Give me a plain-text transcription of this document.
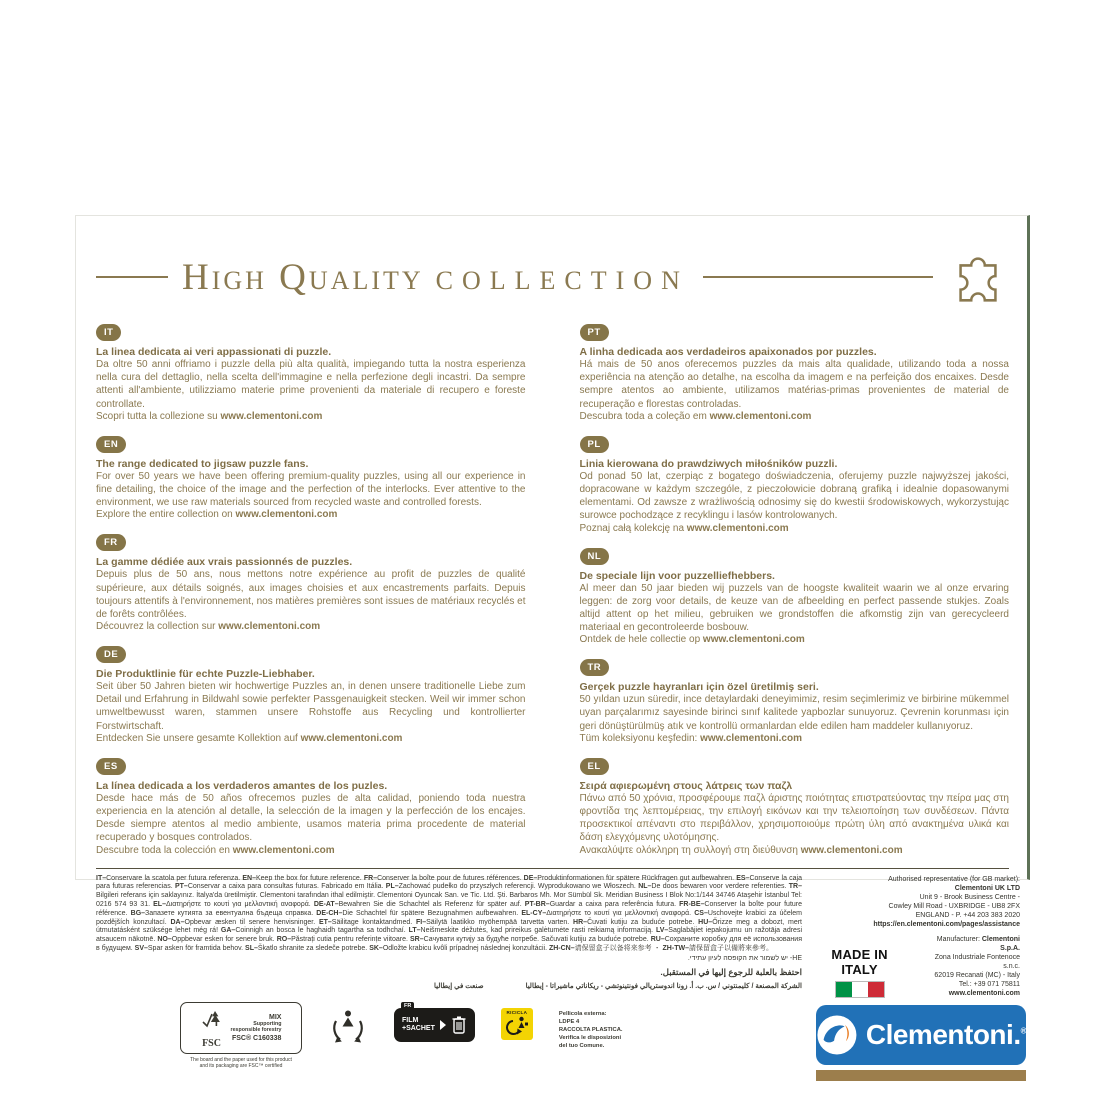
High Quality COLLECTION
IT
La linea dedicata ai veri appassionati di puzzle.
Da oltre 50 anni offriamo i puzzle della più alta qualità, impiegando tutta la nostra esperienza nella cura del dettaglio, nella scelta dell'immagine e nella perfezione degli incastri. Da sempre attenti all'ambiente, utilizziamo materie prime provenienti da materiale di recupero e foreste controllate.
Scopri tutta la collezione su www.clementoni.com
EN
The range dedicated to jigsaw puzzle fans.
For over 50 years we have been offering premium-quality puzzles, using all our experience in fine detailing, the choice of the image and the perfection of the interlocks. Ever attentive to the environment, we use raw materials sourced from recycled waste and controlled forests.
Explore the entire collection on www.clementoni.com
FR
La gamme dédiée aux vrais passionnés de puzzles.
Depuis plus de 50 ans, nous mettons notre expérience au profit de puzzles de qualité supérieure, aux détails soignés, aux images choisies et aux encastrements parfaits. Depuis toujours attentifs à l'environnement, nos matières premières sont issues de matériaux recyclés et de forêts contrôlées.
Découvrez la collection sur www.clementoni.com
DE
Die Produktlinie für echte Puzzle-Liebhaber.
Seit über 50 Jahren bieten wir hochwertige Puzzles an, in denen unsere traditionelle Liebe zum Detail und Erfahrung in Bildwahl sowie perfekter Passgenauigkeit stecken. Weil wir immer schon umweltbewusst waren, stammen unsere Rohstoffe aus Recycling und kontrollierter Forstwirtschaft.
Entdecken Sie unsere gesamte Kollektion auf www.clementoni.com
ES
La línea dedicada a los verdaderos amantes de los puzles.
Desde hace más de 50 años ofrecemos puzles de alta calidad, poniendo toda nuestra experiencia en la atención al detalle, la selección de la imagen y la perfección de los encajes. Desde siempre atentos al medio ambiente, usamos materia prima procedente de material recuperado y bosques controlados.
Descubre toda la colección en www.clementoni.com
PT
A linha dedicada aos verdadeiros apaixonados por puzzles.
Há mais de 50 anos oferecemos puzzles da mais alta qualidade, utilizando toda a nossa experiência na atenção ao detalhe, na escolha da imagem e na perfeição dos encaixes. Desde sempre atentos ao ambiente, utilizamos matérias-primas provenientes de material de recuperação e florestas controladas.
Descubra toda a coleção em www.clementoni.com
PL
Linia kierowana do prawdziwych miłośników puzzli.
Od ponad 50 lat, czerpiąc z bogatego doświadczenia, oferujemy puzzle najwyższej jakości, dopracowane w każdym szczególe, z pieczołowicie dobraną grafiką i idealnie dopasowanymi elementami. Od zawsze z wrażliwością odnosimy się do kwestii środowiskowych, wykorzystując surowce pochodzące z recyklingu i lasów kontrolowanych.
Poznaj całą kolekcję na www.clementoni.com
NL
De speciale lijn voor puzzelliefhebbers.
Al meer dan 50 jaar bieden wij puzzels van de hoogste kwaliteit waarin we al onze ervaring leggen: de zorg voor details, de keuze van de afbeelding en perfect passende stukjes. Zoals altijd attent op het milieu, gebruiken we grondstoffen die afkomstig zijn van gerecycleerd materiaal en gecontroleerde bosbouw.
Ontdek de hele collectie op www.clementoni.com
TR
Gerçek puzzle hayranları için özel üretilmiş seri.
50 yıldan uzun süredir, ince detaylardaki deneyimimiz, resim seçimlerimiz ve birbirine mükemmel uyan parçalarımız sayesinde birinci sınıf kalitede yapbozlar sunuyoruz. Çevrenin korunması için geri dönüştürülmüş atık ve kontrollü ormanlardan elde edilen ham maddeler kullanıyoruz.
Tüm koleksiyonu keşfedin: www.clementoni.com
EL
Σειρά αφιερωμένη στους λάτρεις των παζλ
Πάνω από 50 χρόνια, προσφέρουμε παζλ άριστης ποιότητας επιστρατεύοντας την πείρα μας στη φροντίδα της λεπτομέρειας, την επιλογή εικόνων και την τελειοποίηση των συνδέσεων. Πάντα προσεκτικοί απέναντι στο περιβάλλον, χρησιμοποιούμε πρώτη ύλη από ανακτημένα υλικά και δάση ελεγχόμενης υλοτόμησης.
Ανακαλύψτε ολόκληρη τη συλλογή στη διεύθυνση www.clementoni.com
IT–Conservare la scatola per futura referenza. EN–Keep the box for future reference. FR–Conserver la boîte pour de futures références. DE–Produktinformationen für spätere Rückfragen gut aufbewahren. ES–Conserve la caja para futuras referencias. PT–Conservar a caixa para consultas futuras. Fabricado em Itália. PL–Zachować pudełko do przyszłych referencji. Wyprodukowano we Włoszech. NL–De doos bewaren voor verdere referenties. TR–Bilgileri referans için saklayınız. İtalya'da üretilmiştir. Clementoni tarafından ithal edilmiştir. Clementoni Oyuncak San. ve Tic. Ltd. Şti. Barbaros Mh. Mor Sümbül Sk. Meridian Business I Blok No:1/144 34746 Ataşehir İstanbul Tel: 0216 574 93 31. EL–Διατηρήστε το κουτί για μελλοντική αναφορά. DE-AT–Bewahren Sie die Schachtel als Referenz für später auf. PT-BR–Guardar a caixa para referência futura. FR-BE–Conserver la boîte pour future référence. BG–Запазете кутията за евентуална бъдеща справка. DE-CH–Die Schachtel für spätere Bezugnahmen aufbewahren. EL-CY–Διατηρήστε το κουτί για μελλοντική αναφορά. CS–Uschovejte krabici za účelem pozdějších konzultací. DA–Opbevar æsken til senere henvisninger. ET–Säilitage kontaktandmed. FI–Säilytä laatikko myöhempää tarvetta varten. HR–Čuvati kutiju za buduće potrebe. HU–Őrizze meg a dobozt, mert útmutatásként szüksége lehet még rá! GA–Coinnigh an bosca le haghaidh tagartha sa todhchaí. LT–Neišmeskite dėžutės, kad prireikus galėtumėte rasti reikiamą informaciją. LV–Saglabājiet iepakojumu un ražotāja adresi atsaucem nākotnē. NO–Oppbevar esken for senere bruk. RO–Păstrați cutia pentru referințe viitoare. SR–Сачувати кутију за будуће потребе. Sačuvati kutiju za buduće potrebe. RU–Сохраните коробку для её использования в будущем. SV–Spar asken för framtida behov. SL–Škatlo shranite za sledeče potrebe. SK–Odložte krabicu kvôli prípadnej následnej konzultácii. ZH-CN–请保留盒子以备将来参考 ・ ZH-TW–請保留盒子以備將來參考。
HE- יש לשמור את הקופסה לעיון עתידי.
احتفظ بالعلبة للرجوع إليها في المستقبل.
الشركة المصنعة / كليمنتوني / س. ب. أ. زونا اندوستريالي فونتينوتشي - ريكاناتي ماشيراتا - إيطالياصنعت في إيطاليا
FSC
MIX
Supporting
responsible forestry
FSC® C160338
The board and the paper used for this product
and its packaging are FSC™ certified
FR
FILM
+SACHET
RICICLA	Pellicola esterna:
LDPE 4
RACCOLTA PLASTICA.
Verifica le disposizioni
del tuo Comune.
Authorised representative (for GB market):
Clementoni UK LTD
Unit 9 - Brook Business Centre -
Cowley Mill Road - UXBRIDGE - UB8 2FX
ENGLAND - P. +44 203 383 2020
https://en.clementoni.com/pages/assistance
MADE IN ITALY
Manufacturer: Clementoni S.p.A.
Zona Industriale Fontenoce s.n.c.
62019 Recanati (MC) - Italy
Tel.: +39 071 75811
www.clementoni.com
Clementoni.®
